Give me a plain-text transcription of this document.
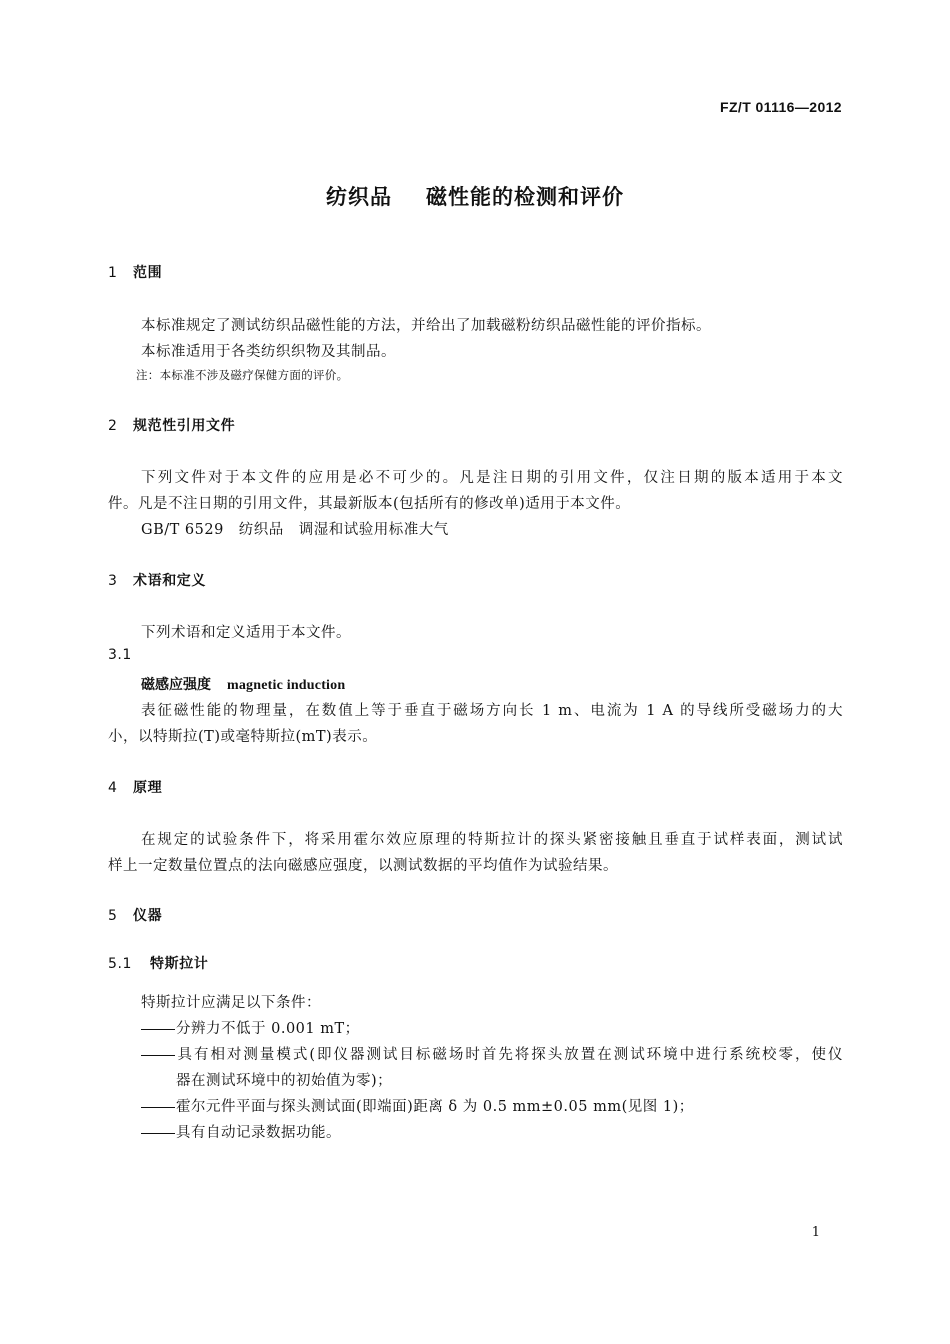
FZ/T 01116—2012
纺织品 磁性能的检测和评价
1 范围
本标准规定了测试纺织品磁性能的方法，并给出了加载磁粉纺织品磁性能的评价指标。
本标准适用于各类纺织织物及其制品。
注：本标准不涉及磁疗保健方面的评价。
2 规范性引用文件
下列文件对于本文件的应用是必不可少的。凡是注日期的引用文件，仅注日期的版本适用于本文
件。凡是不注日期的引用文件，其最新版本(包括所有的修改单)适用于本文件。
GB/T 6529　纺织品　调湿和试验用标准大气
3 术语和定义
下列术语和定义适用于本文件。
3.1
磁感应强度 magnetic induction
表征磁性能的物理量，在数值上等于垂直于磁场方向长 1 m、电流为 1 A 的导线所受磁场力的大
小，以特斯拉(T)或毫特斯拉(mT)表示。
4 原理
在规定的试验条件下，将采用霍尔效应原理的特斯拉计的探头紧密接触且垂直于试样表面，测试试
样上一定数量位置点的法向磁感应强度，以测试数据的平均值作为试验结果。
5 仪器
5.1 特斯拉计
特斯拉计应满足以下条件：
分辨力不低于 0.001 mT；
具有相对测量模式(即仪器测试目标磁场时首先将探头放置在测试环境中进行系统校零，使仪
器在测试环境中的初始值为零)；
霍尔元件平面与探头测试面(即端面)距离 δ 为 0.5 mm±0.05 mm(见图 1)；
具有自动记录数据功能。
1
